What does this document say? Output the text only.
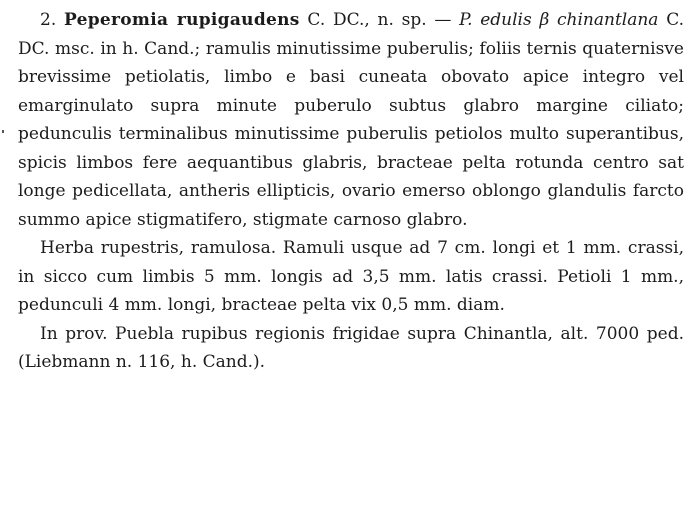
2. Peperomia rupigaudens C. DC., n. sp. — P. edulis β chinantlana C. DC. msc. in h. Cand.; ramulis minutissime puberulis; foliis ternis quaternisve brevissime petiolatis, limbo e basi cuneata obovato apice integro vel emarginulato supra minute puberulo subtus glabro margine ciliato; pedunculis terminalibus minutissime puberulis petiolos multo superantibus, spicis limbos fere aequantibus glabris, bracteae pelta rotunda centro sat longe pedicellata, antheris ellipticis, ovario emerso oblongo glandulis farcto summo apice stigmatifero, stigmate carnoso glabro.

Herba rupestris, ramulosa. Ramuli usque ad 7 cm. longi et 1 mm. crassi, in sicco cum limbis 5 mm. longis ad 3,5 mm. latis crassi. Petioli 1 mm., pedunculi 4 mm. longi, bracteae pelta vix 0,5 mm. diam.

In prov. Puebla rupibus regionis frigidae supra Chinantla, alt. 7000 ped. (Liebmann n. 116, h. Cand.).
